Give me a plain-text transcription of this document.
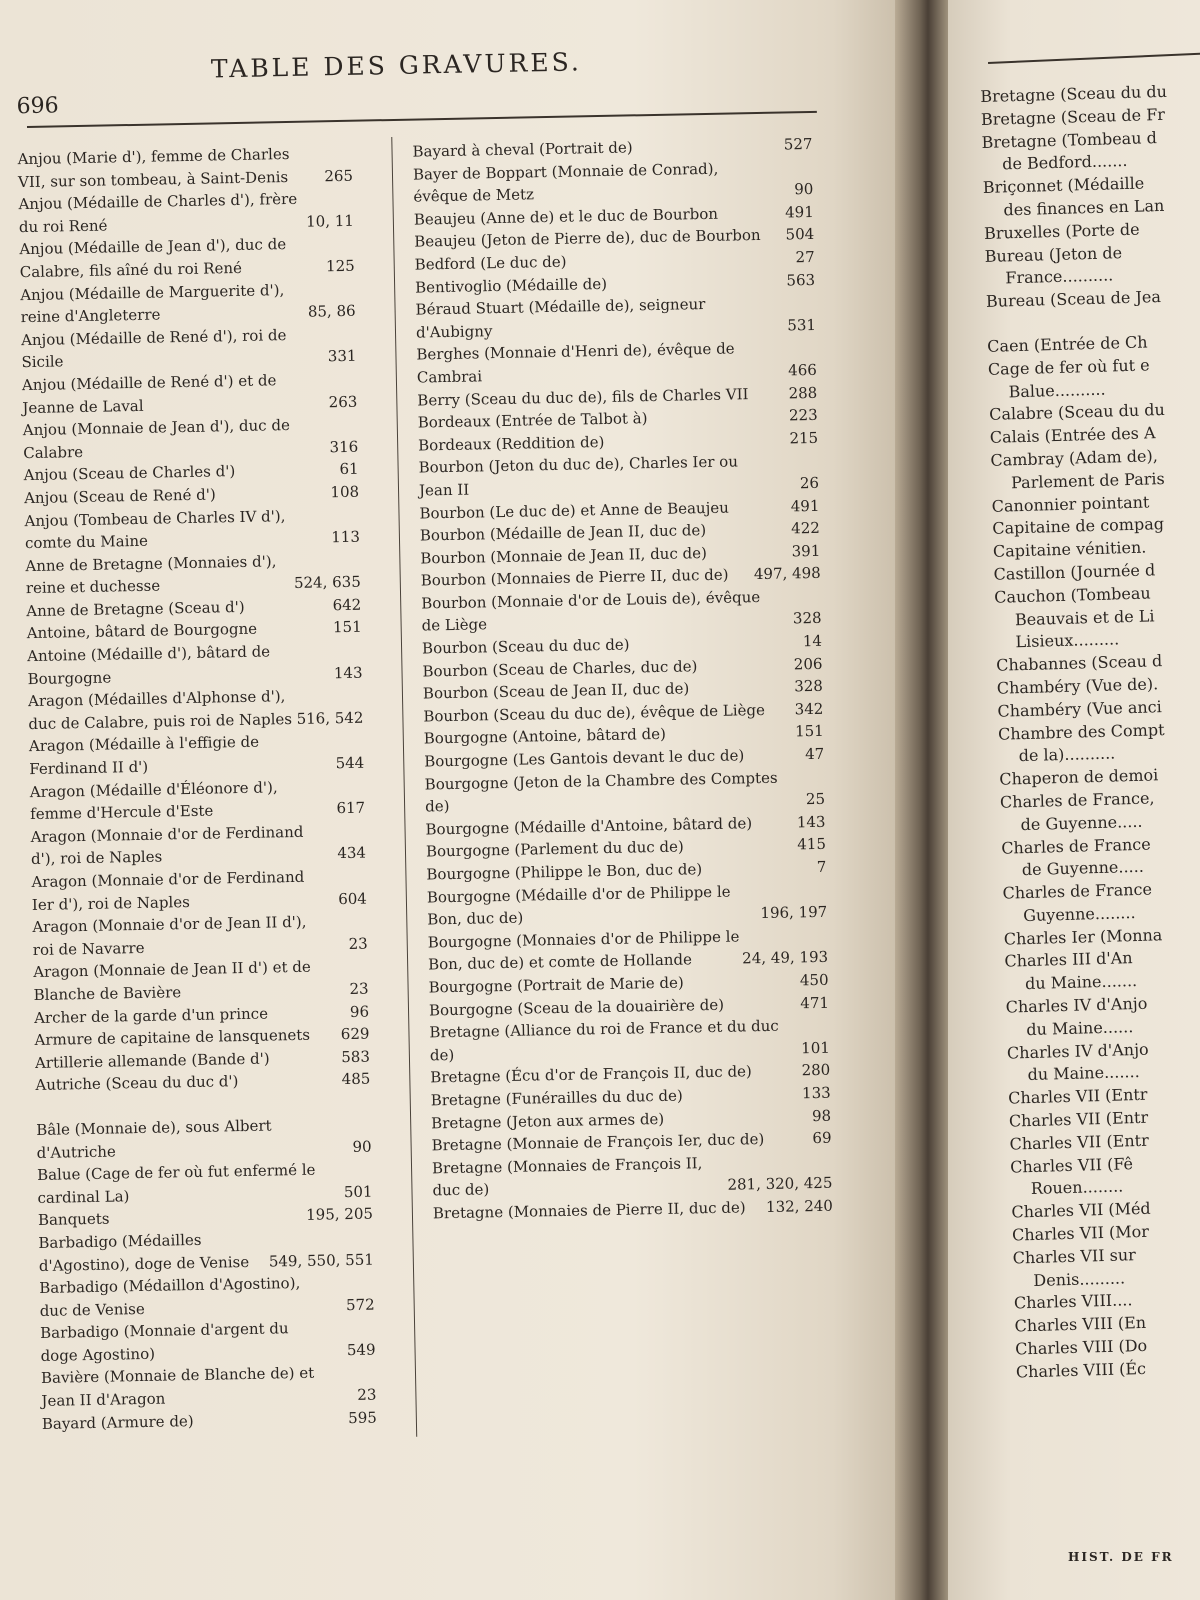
696
TABLE DES GRAVURES.
Anjou (Marie d'), femme de Charles VII, sur son tombeau, à Saint-Denis	265
Anjou (Médaille de Charles d'), frère du roi René	10, 11
Anjou (Médaille de Jean d'), duc de Calabre, fils aîné du roi René	125
Anjou (Médaille de Marguerite d'), reine d'Angleterre	85, 86
Anjou (Médaille de René d'), roi de Sicile	331
Anjou (Médaille de René d') et de Jeanne de Laval	263
Anjou (Monnaie de Jean d'), duc de Calabre	316
Anjou (Sceau de Charles d')	61
Anjou (Sceau de René d')	108
Anjou (Tombeau de Charles IV d'), comte du Maine	113
Anne de Bretagne (Monnaies d'), reine et duchesse	524, 635
Anne de Bretagne (Sceau d')	642
Antoine, bâtard de Bourgogne	151
Antoine (Médaille d'), bâtard de Bourgogne	143
Aragon (Médailles d'Alphonse d'), duc de Calabre, puis roi de Naples 516, 542
Aragon (Médaille à l'effigie de Ferdinand II d')	544
Aragon (Médaille d'Éléonore d'), femme d'Hercule d'Este	617
Aragon (Monnaie d'or de Ferdinand d'), roi de Naples	434
Aragon (Monnaie d'or de Ferdinand Ier d'), roi de Naples	604
Aragon (Monnaie d'or de Jean II d'), roi de Navarre	23
Aragon (Monnaie de Jean II d') et de Blanche de Bavière	23
Archer de la garde d'un prince	96
Armure de capitaine de lansquenets	629
Artillerie allemande (Bande d')	583
Autriche (Sceau du duc d')	485
Bâle (Monnaie de), sous Albert d'Autriche	90
Balue (Cage de fer où fut enfermé le cardinal La)	501
Banquets	195, 205
Barbadigo (Médailles d'Agostino), doge de Venise	549, 550, 551
Barbadigo (Médaillon d'Agostino), duc de Venise	572
Barbadigo (Monnaie d'argent du doge Agostino)	549
Bavière (Monnaie de Blanche de) et Jean II d'Aragon	23
Bayard (Armure de)	595
Bayard à cheval (Portrait de)	527
Bayer de Boppart (Monnaie de Conrad), évêque de Metz	90
Beaujeu (Anne de) et le duc de Bourbon	491
Beaujeu (Jeton de Pierre de), duc de Bourbon	504
Bedford (Le duc de)	27
Bentivoglio (Médaille de)	563
Béraud Stuart (Médaille de), seigneur d'Aubigny	531
Berghes (Monnaie d'Henri de), évêque de Cambrai	466
Berry (Sceau du duc de), fils de Charles VII	288
Bordeaux (Entrée de Talbot à)	223
Bordeaux (Reddition de)	215
Bourbon (Jeton du duc de), Charles Ier ou Jean II	26
Bourbon (Le duc de) et Anne de Beaujeu	491
Bourbon (Médaille de Jean II, duc de)	422
Bourbon (Monnaie de Jean II, duc de)	391
Bourbon (Monnaies de Pierre II, duc de)	497, 498
Bourbon (Monnaie d'or de Louis de), évêque de Liège	328
Bourbon (Sceau du duc de)	14
Bourbon (Sceau de Charles, duc de)	206
Bourbon (Sceau de Jean II, duc de)	328
Bourbon (Sceau du duc de), évêque de Liège	342
Bourgogne (Antoine, bâtard de)	151
Bourgogne (Les Gantois devant le duc de)	47
Bourgogne (Jeton de la Chambre des Comptes de)	25
Bourgogne (Médaille d'Antoine, bâtard de)	143
Bourgogne (Parlement du duc de)	415
Bourgogne (Philippe le Bon, duc de)	7
Bourgogne (Médaille d'or de Philippe le Bon, duc de)	196, 197
Bourgogne (Monnaies d'or de Philippe le Bon, duc de) et comte de Hollande	24, 49, 193
Bourgogne (Portrait de Marie de)	450
Bourgogne (Sceau de la douairière de)	471
Bretagne (Alliance du roi de France et du duc de)	101
Bretagne (Écu d'or de François II, duc de)	280
Bretagne (Funérailles du duc de)	133
Bretagne (Jeton aux armes de)	98
Bretagne (Monnaie de François Ier, duc de)	69
Bretagne (Monnaies de François II, duc de)	281, 320, 425
Bretagne (Monnaies de Pierre II, duc de)	132, 240
Bretagne (Sceau du du
Bretagne (Sceau de Fr
Bretagne (Tombeau d
de Bedford.......
Briçonnet (Médaille
des finances en Lan
Bruxelles (Porte de
Bureau (Jeton de
France..........
Bureau (Sceau de Jea
Caen (Entrée de Ch
Cage de fer où fut e
Balue..........
Calabre (Sceau du du
Calais (Entrée des A
Cambray (Adam de),
Parlement de Paris
Canonnier pointant
Capitaine de compag
Capitaine vénitien.
Castillon (Journée d
Cauchon (Tombeau
Beauvais et de Li
Lisieux.........
Chabannes (Sceau d
Chambéry (Vue de).
Chambéry (Vue anci
Chambre des Compt
de la)..........
Chaperon de demoi
Charles de France,
de Guyenne.....
Charles de France
de Guyenne.....
Charles de France
Guyenne........
Charles Ier (Monna
Charles III d'An
du Maine.......
Charles IV d'Anjo
du Maine......
Charles IV d'Anjo
du Maine.......
Charles VII (Entr
Charles VII (Entr
Charles VII (Entr
Charles VII (Fê
Rouen........
Charles VII (Méd
Charles VII (Mor
Charles VII sur
Denis.........
Charles VIII....
Charles VIII (En
Charles VIII (Do
Charles VIII (Éc
HIST. DE FR
